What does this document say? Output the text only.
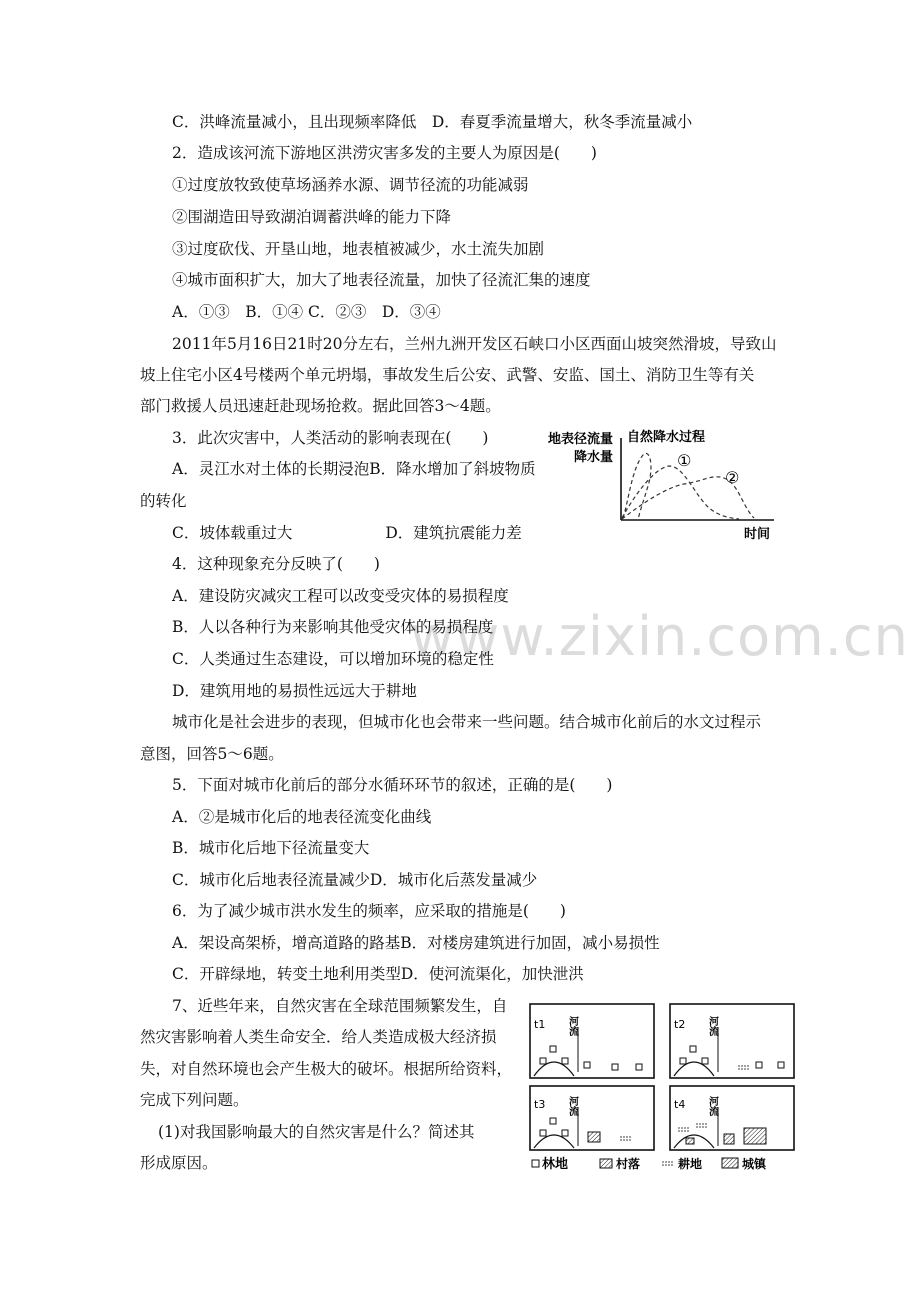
www.zixin.com.cn
C．洪峰流量减小，且出现频率降低　D．春夏季流量增大，秋冬季流量减小
2．造成该河流下游地区洪涝灾害多发的主要人为原因是(　　)
①过度放牧致使草场涵养水源、调节径流的功能减弱
②围湖造田导致湖泊调蓄洪峰的能力下降
③过度砍伐、开垦山地，地表植被减少，水土流失加剧
④城市面积扩大，加大了地表径流量，加快了径流汇集的速度
A．①③　B．①④ C．②③　D．③④
2011年5月16日21时20分左右，兰州九洲开发区石峡口小区西面山坡突然滑坡，导致山
坡上住宅小区4号楼两个单元坍塌，事故发生后公安、武警、安监、国土、消防卫生等有关
部门救援人员迅速赶赴现场抢救。据此回答3～4题。
3．此次灾害中，人类活动的影响表现在(　　)
A．灵江水对土体的长期浸泡B．降水增加了斜坡物质
的转化
C．坡体载重过大　　　　　　D．建筑抗震能力差
4．这种现象充分反映了(　　)
A．建设防灾减灾工程可以改变受灾体的易损程度
B．人以各种行为来影响其他受灾体的易损程度
C．人类通过生态建设，可以增加环境的稳定性
D．建筑用地的易损性远远大于耕地
城市化是社会进步的表现，但城市化也会带来一些问题。结合城市化前后的水文过程示
意图，回答5～6题。
5．下面对城市化前后的部分水循环环节的叙述，正确的是(　　)
A．②是城市化后的地表径流变化曲线
B．城市化后地下径流量变大
C．城市化后地表径流量减少D．城市化后蒸发量减少
6．为了减少城市洪水发生的频率，应采取的措施是(　　)
A．架设高架桥，增高道路的路基B．对楼房建筑进行加固，减小易损性
C．开辟绿地，转变土地利用类型D．使河流渠化，加快泄洪
7、近些年来，自然灾害在全球范围频繁发生，自
然灾害影响着人类生命安全．给人类造成极大经济损
失，对自然环境也会产生极大的破坏。根据所给资料，
完成下列问题。
(1)对我国影响最大的自然灾害是什么？简述其
形成原因。
地表径流量
降水量
自然降水过程
①
②
时间
t1 河流	t2 河流
t3 河流	t4 河流
林地	村落	耕地	城镇
